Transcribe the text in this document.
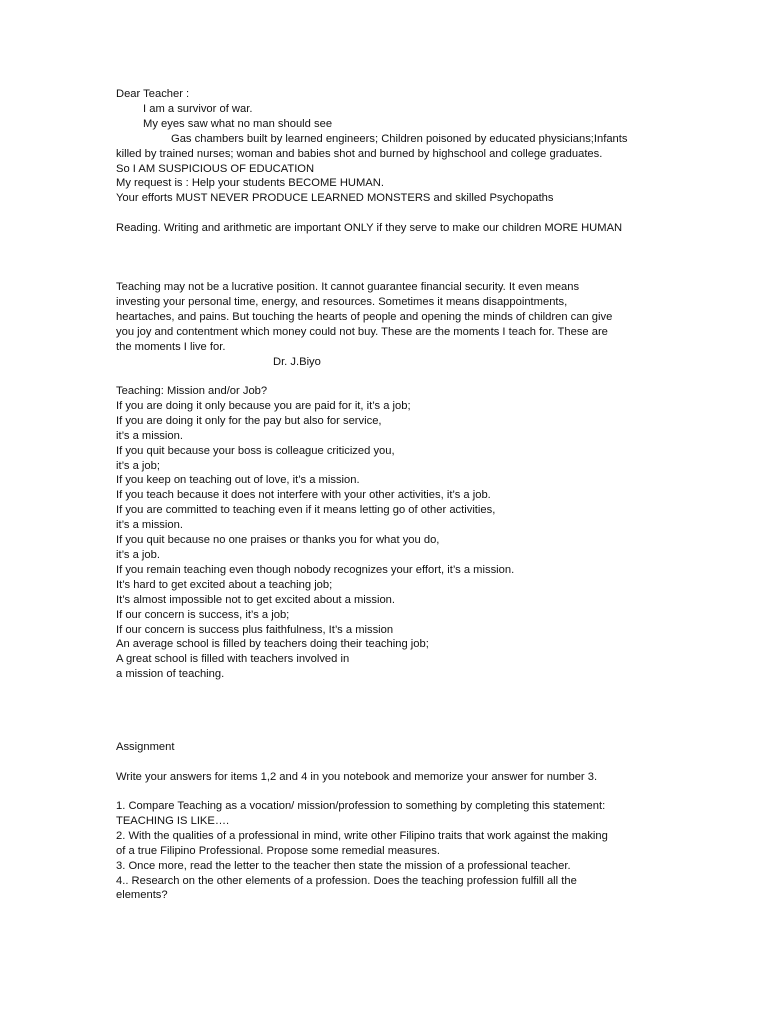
Dear Teacher :
I am a survivor of war.
My eyes saw what no man should see
Gas chambers built by learned engineers; Children poisoned by educated physicians;Infants
killed by trained nurses; woman and babies shot and burned by highschool and college graduates.
So I AM SUSPICIOUS OF EDUCATION
My request is : Help your students BECOME HUMAN.
Your efforts MUST NEVER PRODUCE LEARNED MONSTERS and skilled Psychopaths
Reading. Writing and arithmetic are important ONLY if they serve to make our children MORE HUMAN
Teaching may not be a lucrative position. It cannot guarantee financial security. It even means
investing your personal time, energy, and resources. Sometimes it means disappointments,
heartaches, and pains. But touching the hearts of people and opening the minds of children can give
you joy and contentment which money could not buy. These are the moments I teach for. These are
the moments I live for.
Dr. J.Biyo
Teaching: Mission and/or Job?
If you are doing it only because you are paid for it, it’s a job;
If you are doing it only for the pay but also for service,
it’s a mission.
If you quit because your boss is colleague criticized you,
it’s a job;
If you keep on teaching out of love, it’s a mission.
If you teach because it does not interfere with your other activities, it’s a job.
If you are committed to teaching even if it means letting go of other activities,
it’s a mission.
If you quit because no one praises or thanks you for what you do,
it’s a job.
If you remain teaching even though nobody recognizes your effort, it’s a mission.
It’s hard to get excited about a teaching job;
It’s almost impossible not to get excited about a mission.
If our concern is success, it’s a job;
If our concern is success plus faithfulness, It’s a mission
An average school is filled by teachers doing their teaching job;
A great school is filled with teachers involved in
a mission of teaching.
Assignment
Write your answers for items 1,2 and 4 in you notebook and memorize your answer for number 3.
1. Compare Teaching as a vocation/ mission/profession to something by completing this statement:
TEACHING IS LIKE….
2. With the qualities of a professional in mind, write other Filipino traits that work against the making
of a true Filipino Professional. Propose some remedial measures.
3. Once more, read the letter to the teacher then state the mission of a professional teacher.
4.. Research on the other elements of a profession. Does the teaching profession fulfill all the
elements?
